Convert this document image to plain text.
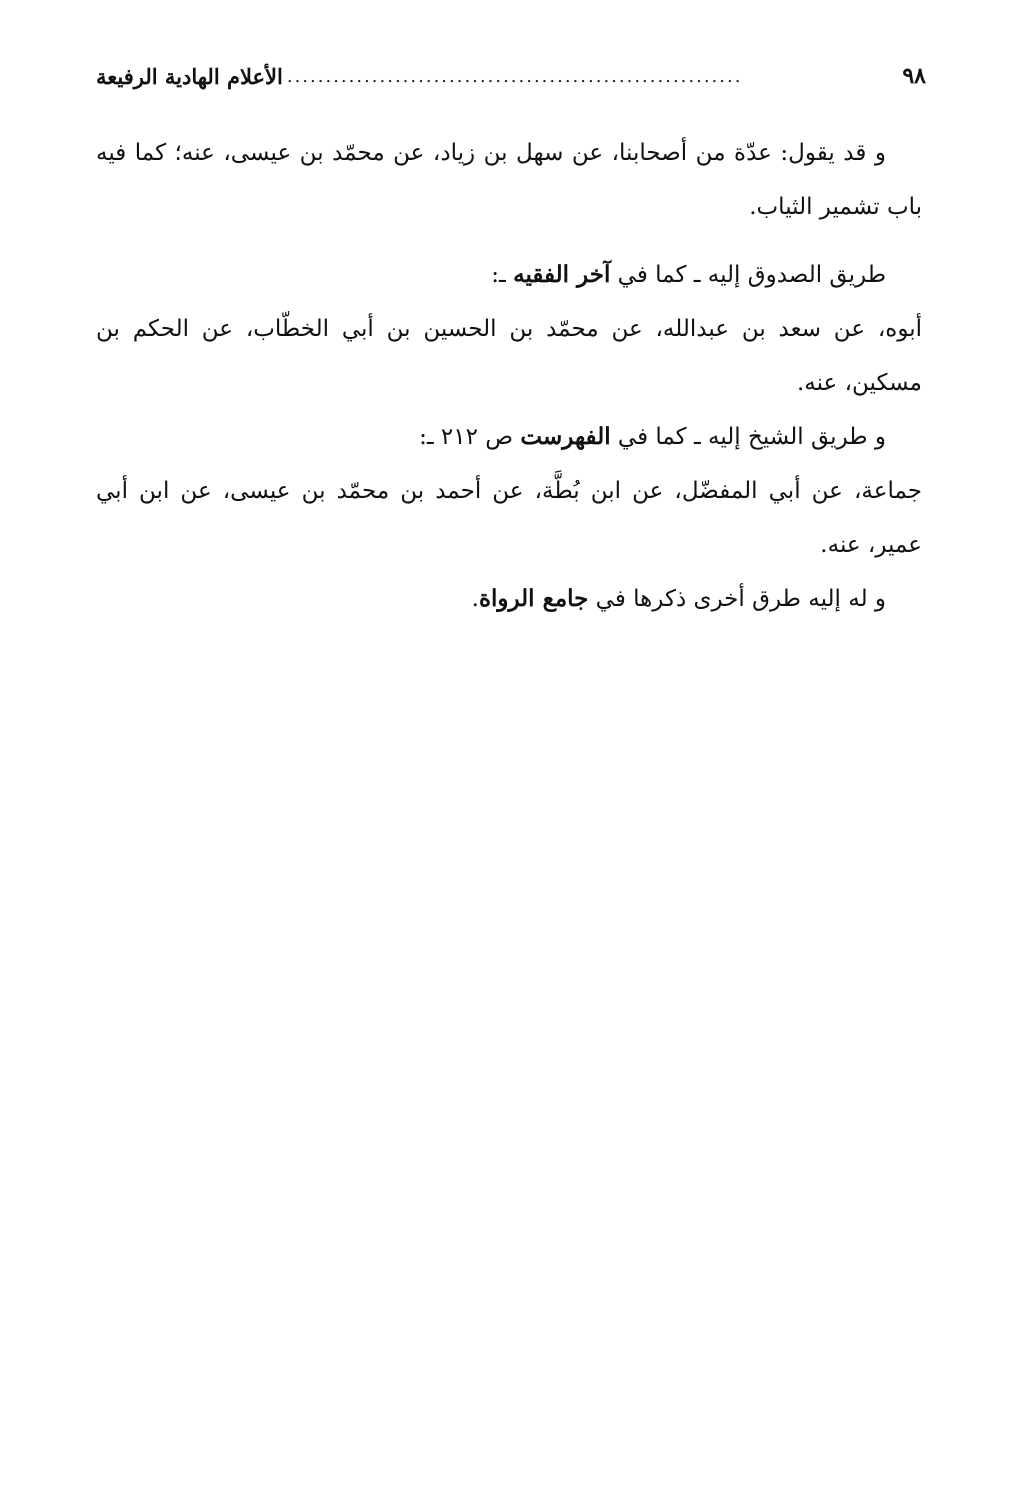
٩٨
...........................................................
الأعلام الهادية الرفيعة

و قد يقول: عدّة من أصحابنا، عن سهل بن زياد، عن محمّد بن عيسى، عنه؛ كما فيه باب تشمير الثياب.

طريق الصدوق إليه ـ كما في آخر الفقيه ـ:

أبوه، عن سعد بن عبدالله، عن محمّد بن الحسين بن أبي الخطّاب، عن الحكم بن مسكين، عنه.

و طريق الشيخ إليه ـ كما في الفهرست ص ٢١٢ ـ:

جماعة، عن أبي المفضّل، عن ابن بُطَّة، عن أحمد بن محمّد بن عيسى، عن ابن أبي عمير، عنه.

و له إليه طرق أخرى ذكرها في جامع الرواة.
